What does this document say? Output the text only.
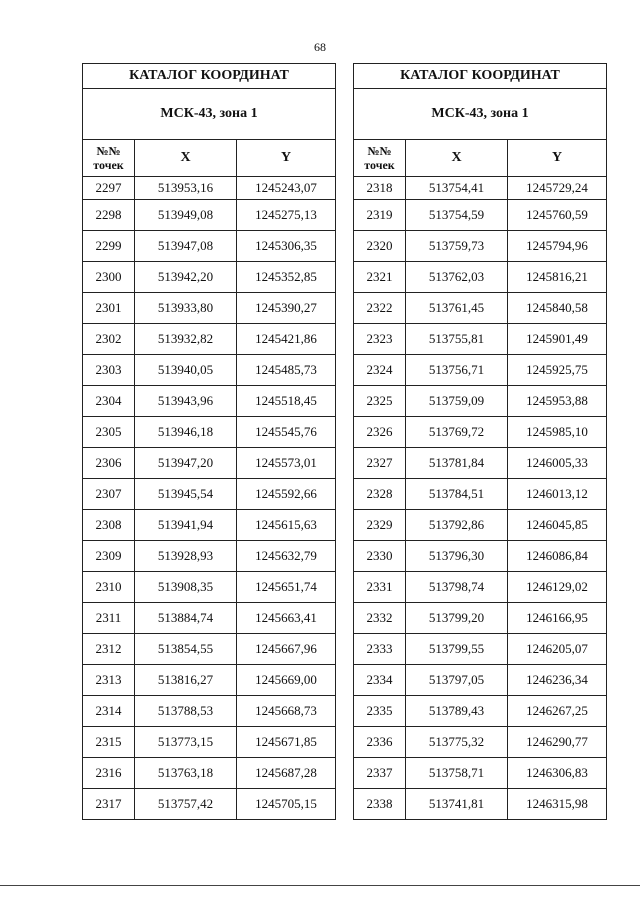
68
КАТАЛОГ КООРДИНАТ		
МСК-43, зона 1		

№№
точек	X	Y
2297	513953,16	1245243,07
2298	513949,08	1245275,13
2299	513947,08	1245306,35
2300	513942,20	1245352,85
2301	513933,80	1245390,27
2302	513932,82	1245421,86
2303	513940,05	1245485,73
2304	513943,96	1245518,45
2305	513946,18	1245545,76
2306	513947,20	1245573,01
2307	513945,54	1245592,66
2308	513941,94	1245615,63
2309	513928,93	1245632,79
2310	513908,35	1245651,74
2311	513884,74	1245663,41
2312	513854,55	1245667,96
2313	513816,27	1245669,00
2314	513788,53	1245668,73
2315	513773,15	1245671,85
2316	513763,18	1245687,28
2317	513757,42	1245705,15
КАТАЛОГ КООРДИНАТ		
МСК-43, зона 1		

№№
точек	X	Y
2318	513754,41	1245729,24
2319	513754,59	1245760,59
2320	513759,73	1245794,96
2321	513762,03	1245816,21
2322	513761,45	1245840,58
2323	513755,81	1245901,49
2324	513756,71	1245925,75
2325	513759,09	1245953,88
2326	513769,72	1245985,10
2327	513781,84	1246005,33
2328	513784,51	1246013,12
2329	513792,86	1246045,85
2330	513796,30	1246086,84
2331	513798,74	1246129,02
2332	513799,20	1246166,95
2333	513799,55	1246205,07
2334	513797,05	1246236,34
2335	513789,43	1246267,25
2336	513775,32	1246290,77
2337	513758,71	1246306,83
2338	513741,81	1246315,98
